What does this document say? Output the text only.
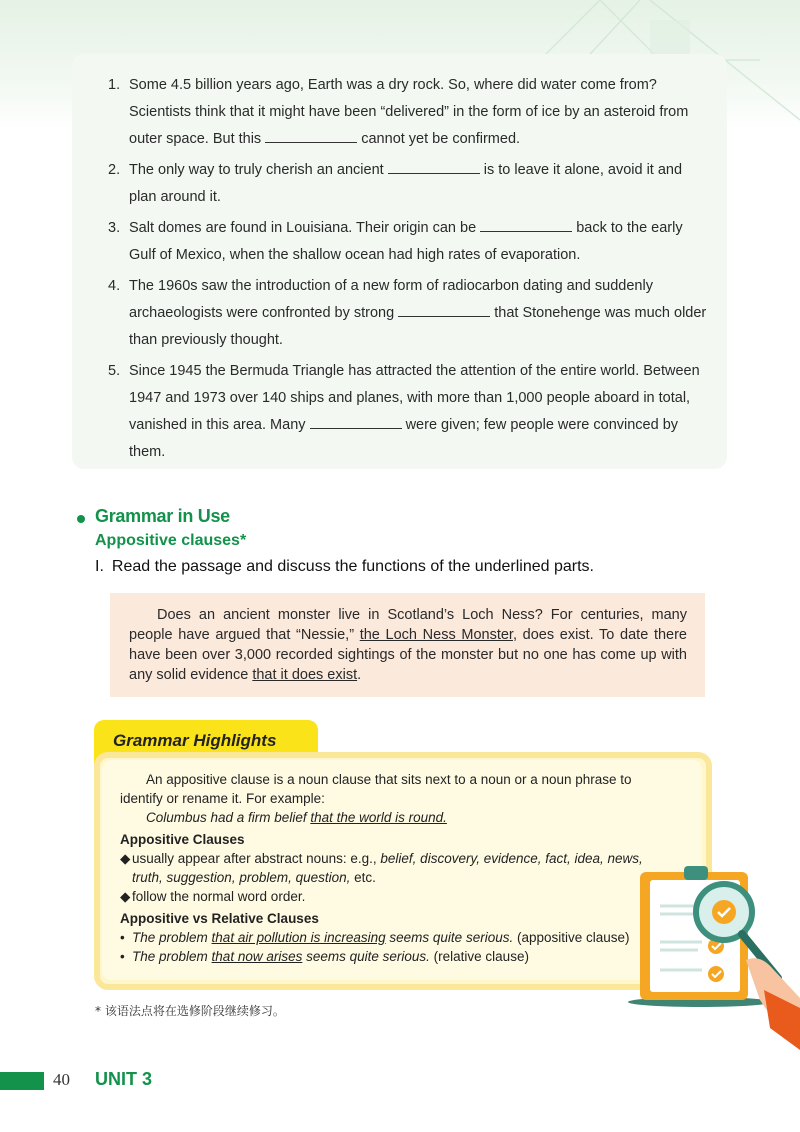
1. Some 4.5 billion years ago, Earth was a dry rock. So, where did water come from? Scientists think that it might have been “delivered” in the form of ice by an asteroid from outer space. But this	cannot yet be confirmed.
2. The only way to truly cherish an ancient	is to leave it alone, avoid it and plan around it.
3. Salt domes are found in Louisiana. Their origin can be	back to the early Gulf of Mexico, when the shallow ocean had high rates of evaporation.
4. The 1960s saw the introduction of a new form of radiocarbon dating and suddenly archaeologists were confronted by strong	that Stonehenge was much older than previously thought.
5. Since 1945 the Bermuda Triangle has attracted the attention of the entire world. Between 1947 and 1973 over 140 ships and planes, with more than 1,000 people aboard in total, vanished in this area. Many	were given; few people were convinced by them.
Grammar in Use
Appositive clauses*
I. Read the passage and discuss the functions of the underlined parts.
Does an ancient monster live in Scotland’s Loch Ness? For centuries, many people have argued that “Nessie,” the Loch Ness Monster, does exist. To date there have been over 3,000 recorded sightings of the monster but no one has come up with any solid evidence that it does exist.
Grammar Highlights
An appositive clause is a noun clause that sits next to a noun or a noun phrase to identify or rename it. For example:
Columbus had a firm belief that the world is round.
Appositive Clauses
◆ usually appear after abstract nouns: e.g., belief, discovery, evidence, fact, idea, news, truth, suggestion, problem, question, etc.
◆ follow the normal word order.
Appositive vs Relative Clauses
• The problem that air pollution is increasing seems quite serious. (appositive clause)
• The problem that now arises seems quite serious. (relative clause)
* 该语法点将在选修阶段继续修习。
40 UNIT 3
